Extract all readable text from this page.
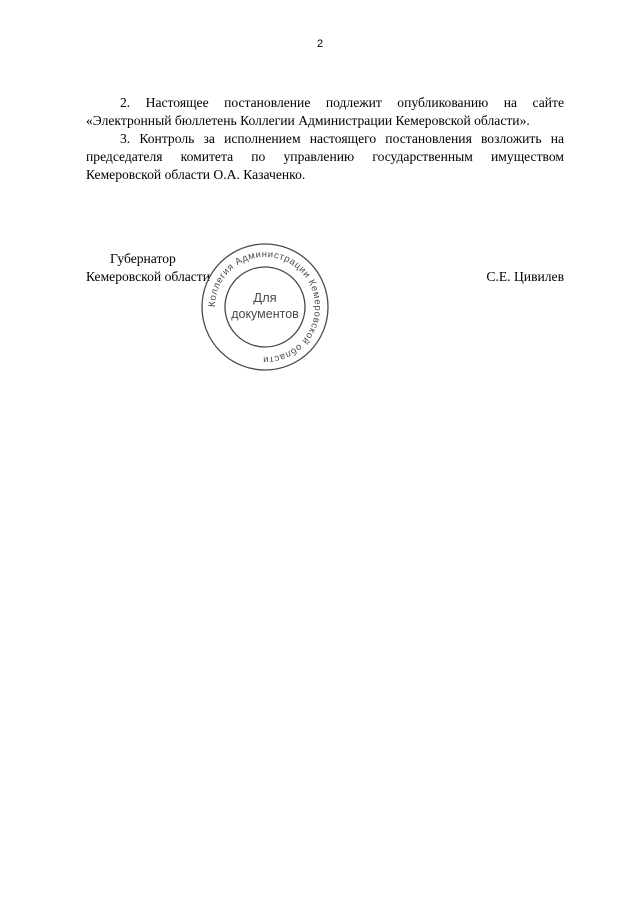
2

2. Настоящее постановление подлежит опубликованию на сайте «Электронный бюллетень Коллегии Администрации Кемеровской области».

3. Контроль за исполнением настоящего постановления возложить на председателя комитета по управлению государственным имуществом Кемеровской области О.А. Казаченко.

Губернатор
Кемеровской области	С.Е. Цивилев
Коллегия Администрации Кемеровской области
Для
документов
